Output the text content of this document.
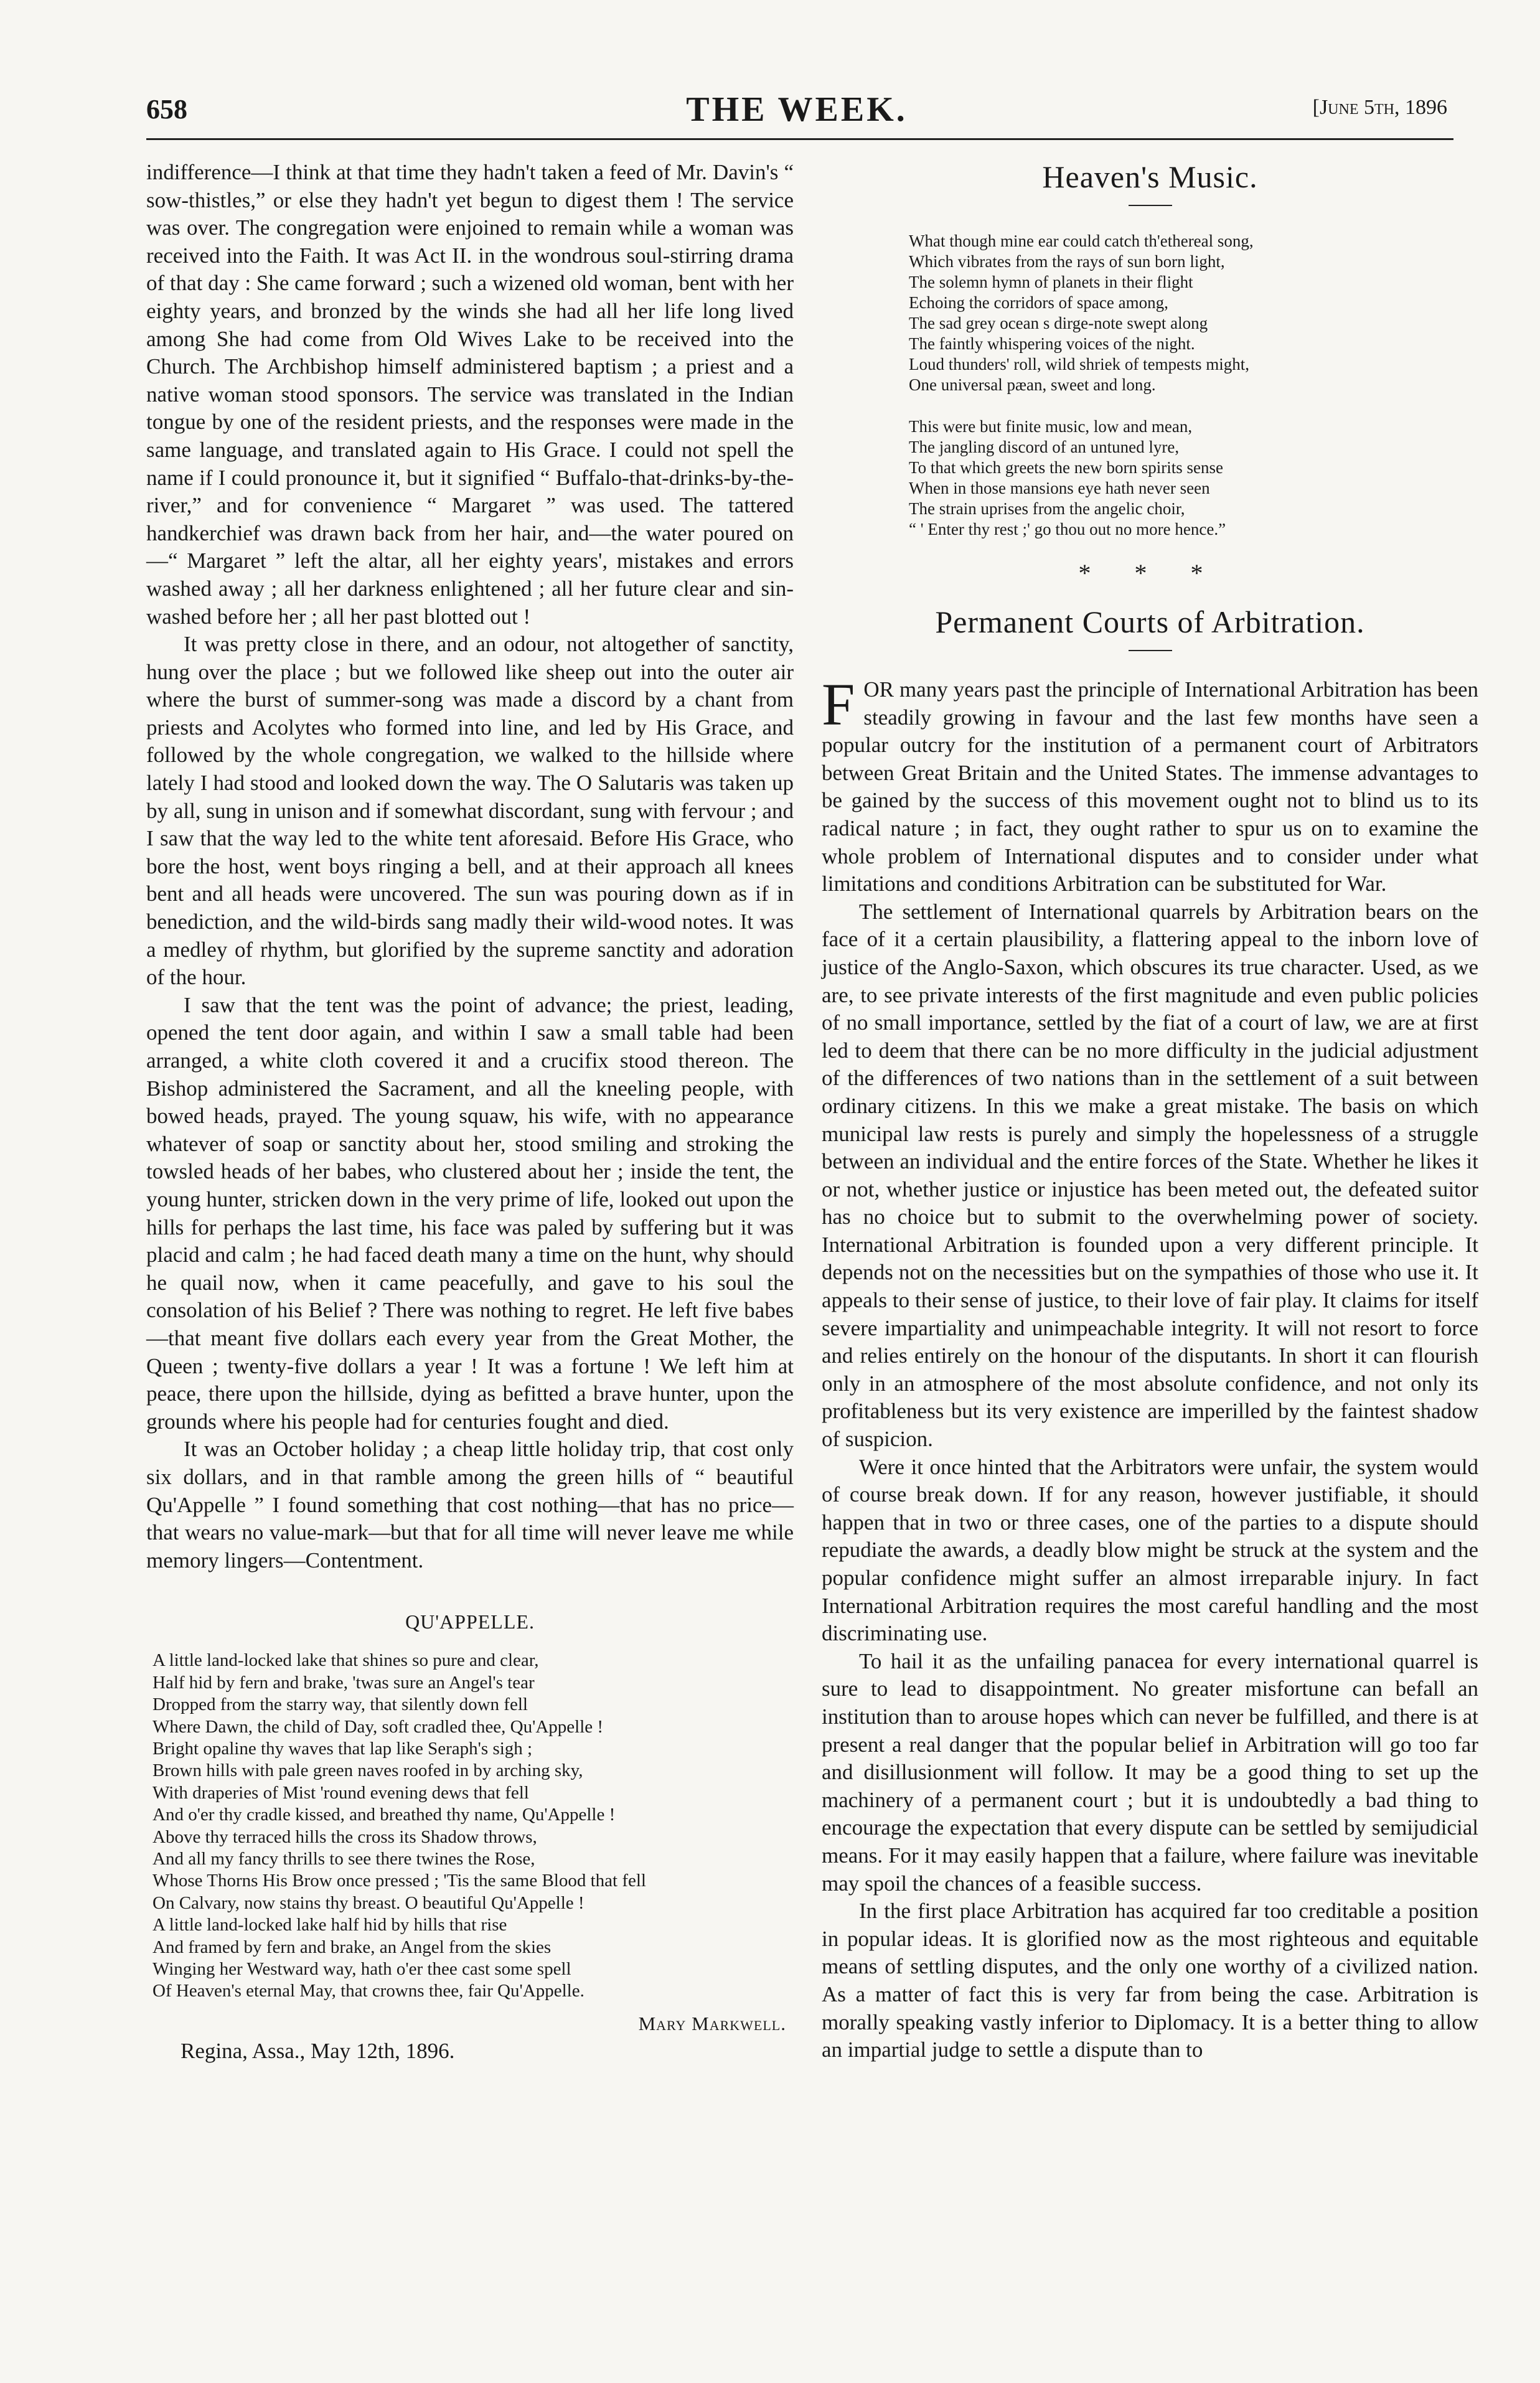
658	THE WEEK.	[June 5th, 1896

indifference—I think at that time they hadn't taken a feed of Mr. Davin's “ sow-thistles,” or else they hadn't yet begun to digest them ! The service was over. The congregation were enjoined to remain while a woman was received into the Faith. It was Act II. in the wondrous soul-stirring drama of that day : She came forward ; such a wizened old woman, bent with her eighty years, and bronzed by the winds she had all her life long lived among She had come from Old Wives Lake to be received into the Church. The Archbishop himself administered baptism ; a priest and a native woman stood sponsors. The service was translated in the Indian tongue by one of the resident priests, and the responses were made in the same language, and translated again to His Grace. I could not spell the name if I could pronounce it, but it signified “ Buffalo-that-drinks-by-the-river,” and for convenience “ Margaret ” was used. The tattered handkerchief was drawn back from her hair, and—the water poured on—“ Margaret ” left the altar, all her eighty years', mistakes and errors washed away ; all her darkness enlightened ; all her future clear and sin-washed before her ; all her past blotted out !

It was pretty close in there, and an odour, not altogether of sanctity, hung over the place ; but we followed like sheep out into the outer air where the burst of summer-song was made a discord by a chant from priests and Acolytes who formed into line, and led by His Grace, and followed by the whole congregation, we walked to the hillside where lately I had stood and looked down the way. The O Salutaris was taken up by all, sung in unison and if somewhat discordant, sung with fervour ; and I saw that the way led to the white tent aforesaid. Before His Grace, who bore the host, went boys ringing a bell, and at their approach all knees bent and all heads were uncovered. The sun was pouring down as if in benediction, and the wild-birds sang madly their wild-wood notes. It was a medley of rhythm, but glorified by the supreme sanctity and adoration of the hour.

I saw that the tent was the point of advance; the priest, leading, opened the tent door again, and within I saw a small table had been arranged, a white cloth covered it and a crucifix stood thereon. The Bishop administered the Sacrament, and all the kneeling people, with bowed heads, prayed. The young squaw, his wife, with no appearance whatever of soap or sanctity about her, stood smiling and stroking the towsled heads of her babes, who clustered about her ; inside the tent, the young hunter, stricken down in the very prime of life, looked out upon the hills for perhaps the last time, his face was paled by suffering but it was placid and calm ; he had faced death many a time on the hunt, why should he quail now, when it came peacefully, and gave to his soul the consolation of his Belief ? There was nothing to regret. He left five babes—that meant five dollars each every year from the Great Mother, the Queen ; twenty-five dollars a year ! It was a fortune ! We left him at peace, there upon the hillside, dying as befitted a brave hunter, upon the grounds where his people had for centuries fought and died.

It was an October holiday ; a cheap little holiday trip, that cost only six dollars, and in that ramble among the green hills of “ beautiful Qu'Appelle ” I found something that cost nothing—that has no price—that wears no value-mark—but that for all time will never leave me while memory lingers—Contentment.

QU'APPELLE.
A little land-locked lake that shines so pure and clear,
Half hid by fern and brake, 'twas sure an Angel's tear
Dropped from the starry way, that silently down fell
Where Dawn, the child of Day, soft cradled thee, Qu'Appelle !
Bright opaline thy waves that lap like Seraph's sigh ;
Brown hills with pale green naves roofed in by arching sky,
With draperies of Mist 'round evening dews that fell
And o'er thy cradle kissed, and breathed thy name, Qu'Appelle !
Above thy terraced hills the cross its Shadow throws,
And all my fancy thrills to see there twines the Rose,
Whose Thorns His Brow once pressed ; 'Tis the same Blood that fell
On Calvary, now stains thy breast. O beautiful Qu'Appelle !
A little land-locked lake half hid by hills that rise
And framed by fern and brake, an Angel from the skies
Winging her Westward way, hath o'er thee cast some spell
Of Heaven's eternal May, that crowns thee, fair Qu'Appelle.
Mary Markwell.
Regina, Assa., May 12th, 1896.
Heaven's Music.
What though mine ear could catch th'ethereal song,
Which vibrates from the rays of sun born light,
The solemn hymn of planets in their flight
Echoing the corridors of space among,
The sad grey ocean s dirge-note swept along
The faintly whispering voices of the night.
Loud thunders' roll, wild shriek of tempests might,
One universal pæan, sweet and long.
This were but finite music, low and mean,
The jangling discord of an untuned lyre,
To that which greets the new born spirits sense
When in those mansions eye hath never seen
The strain uprises from the angelic choir,
“ ' Enter thy rest ;' go thou out no more hence.”
* * *
Permanent Courts of Arbitration.

FOR many years past the principle of International Arbitration has been steadily growing in favour and the last few months have seen a popular outcry for the institution of a permanent court of Arbitrators between Great Britain and the United States. The immense advantages to be gained by the success of this movement ought not to blind us to its radical nature ; in fact, they ought rather to spur us on to examine the whole problem of International disputes and to consider under what limitations and conditions Arbitration can be substituted for War.

The settlement of International quarrels by Arbitration bears on the face of it a certain plausibility, a flattering appeal to the inborn love of justice of the Anglo-Saxon, which obscures its true character. Used, as we are, to see private interests of the first magnitude and even public policies of no small importance, settled by the fiat of a court of law, we are at first led to deem that there can be no more difficulty in the judicial adjustment of the differences of two nations than in the settlement of a suit between ordinary citizens. In this we make a great mistake. The basis on which municipal law rests is purely and simply the hopelessness of a struggle between an individual and the entire forces of the State. Whether he likes it or not, whether justice or injustice has been meted out, the defeated suitor has no choice but to submit to the overwhelming power of society. International Arbitration is founded upon a very different principle. It depends not on the necessities but on the sympathies of those who use it. It appeals to their sense of justice, to their love of fair play. It claims for itself severe impartiality and unimpeachable integrity. It will not resort to force and relies entirely on the honour of the disputants. In short it can flourish only in an atmosphere of the most absolute confidence, and not only its profitableness but its very existence are imperilled by the faintest shadow of suspicion.

Were it once hinted that the Arbitrators were unfair, the system would of course break down. If for any reason, however justifiable, it should happen that in two or three cases, one of the parties to a dispute should repudiate the awards, a deadly blow might be struck at the system and the popular confidence might suffer an almost irreparable injury. In fact International Arbitration requires the most careful handling and the most discriminating use.

To hail it as the unfailing panacea for every international quarrel is sure to lead to disappointment. No greater misfortune can befall an institution than to arouse hopes which can never be fulfilled, and there is at present a real danger that the popular belief in Arbitration will go too far and disillusionment will follow. It may be a good thing to set up the machinery of a permanent court ; but it is undoubtedly a bad thing to encourage the expectation that every dispute can be settled by semijudicial means. For it may easily happen that a failure, where failure was inevitable may spoil the chances of a feasible success.

In the first place Arbitration has acquired far too creditable a position in popular ideas. It is glorified now as the most righteous and equitable means of settling disputes, and the only one worthy of a civilized nation. As a matter of fact this is very far from being the case. Arbitration is morally speaking vastly inferior to Diplomacy. It is a better thing to allow an impartial judge to settle a dispute than to
